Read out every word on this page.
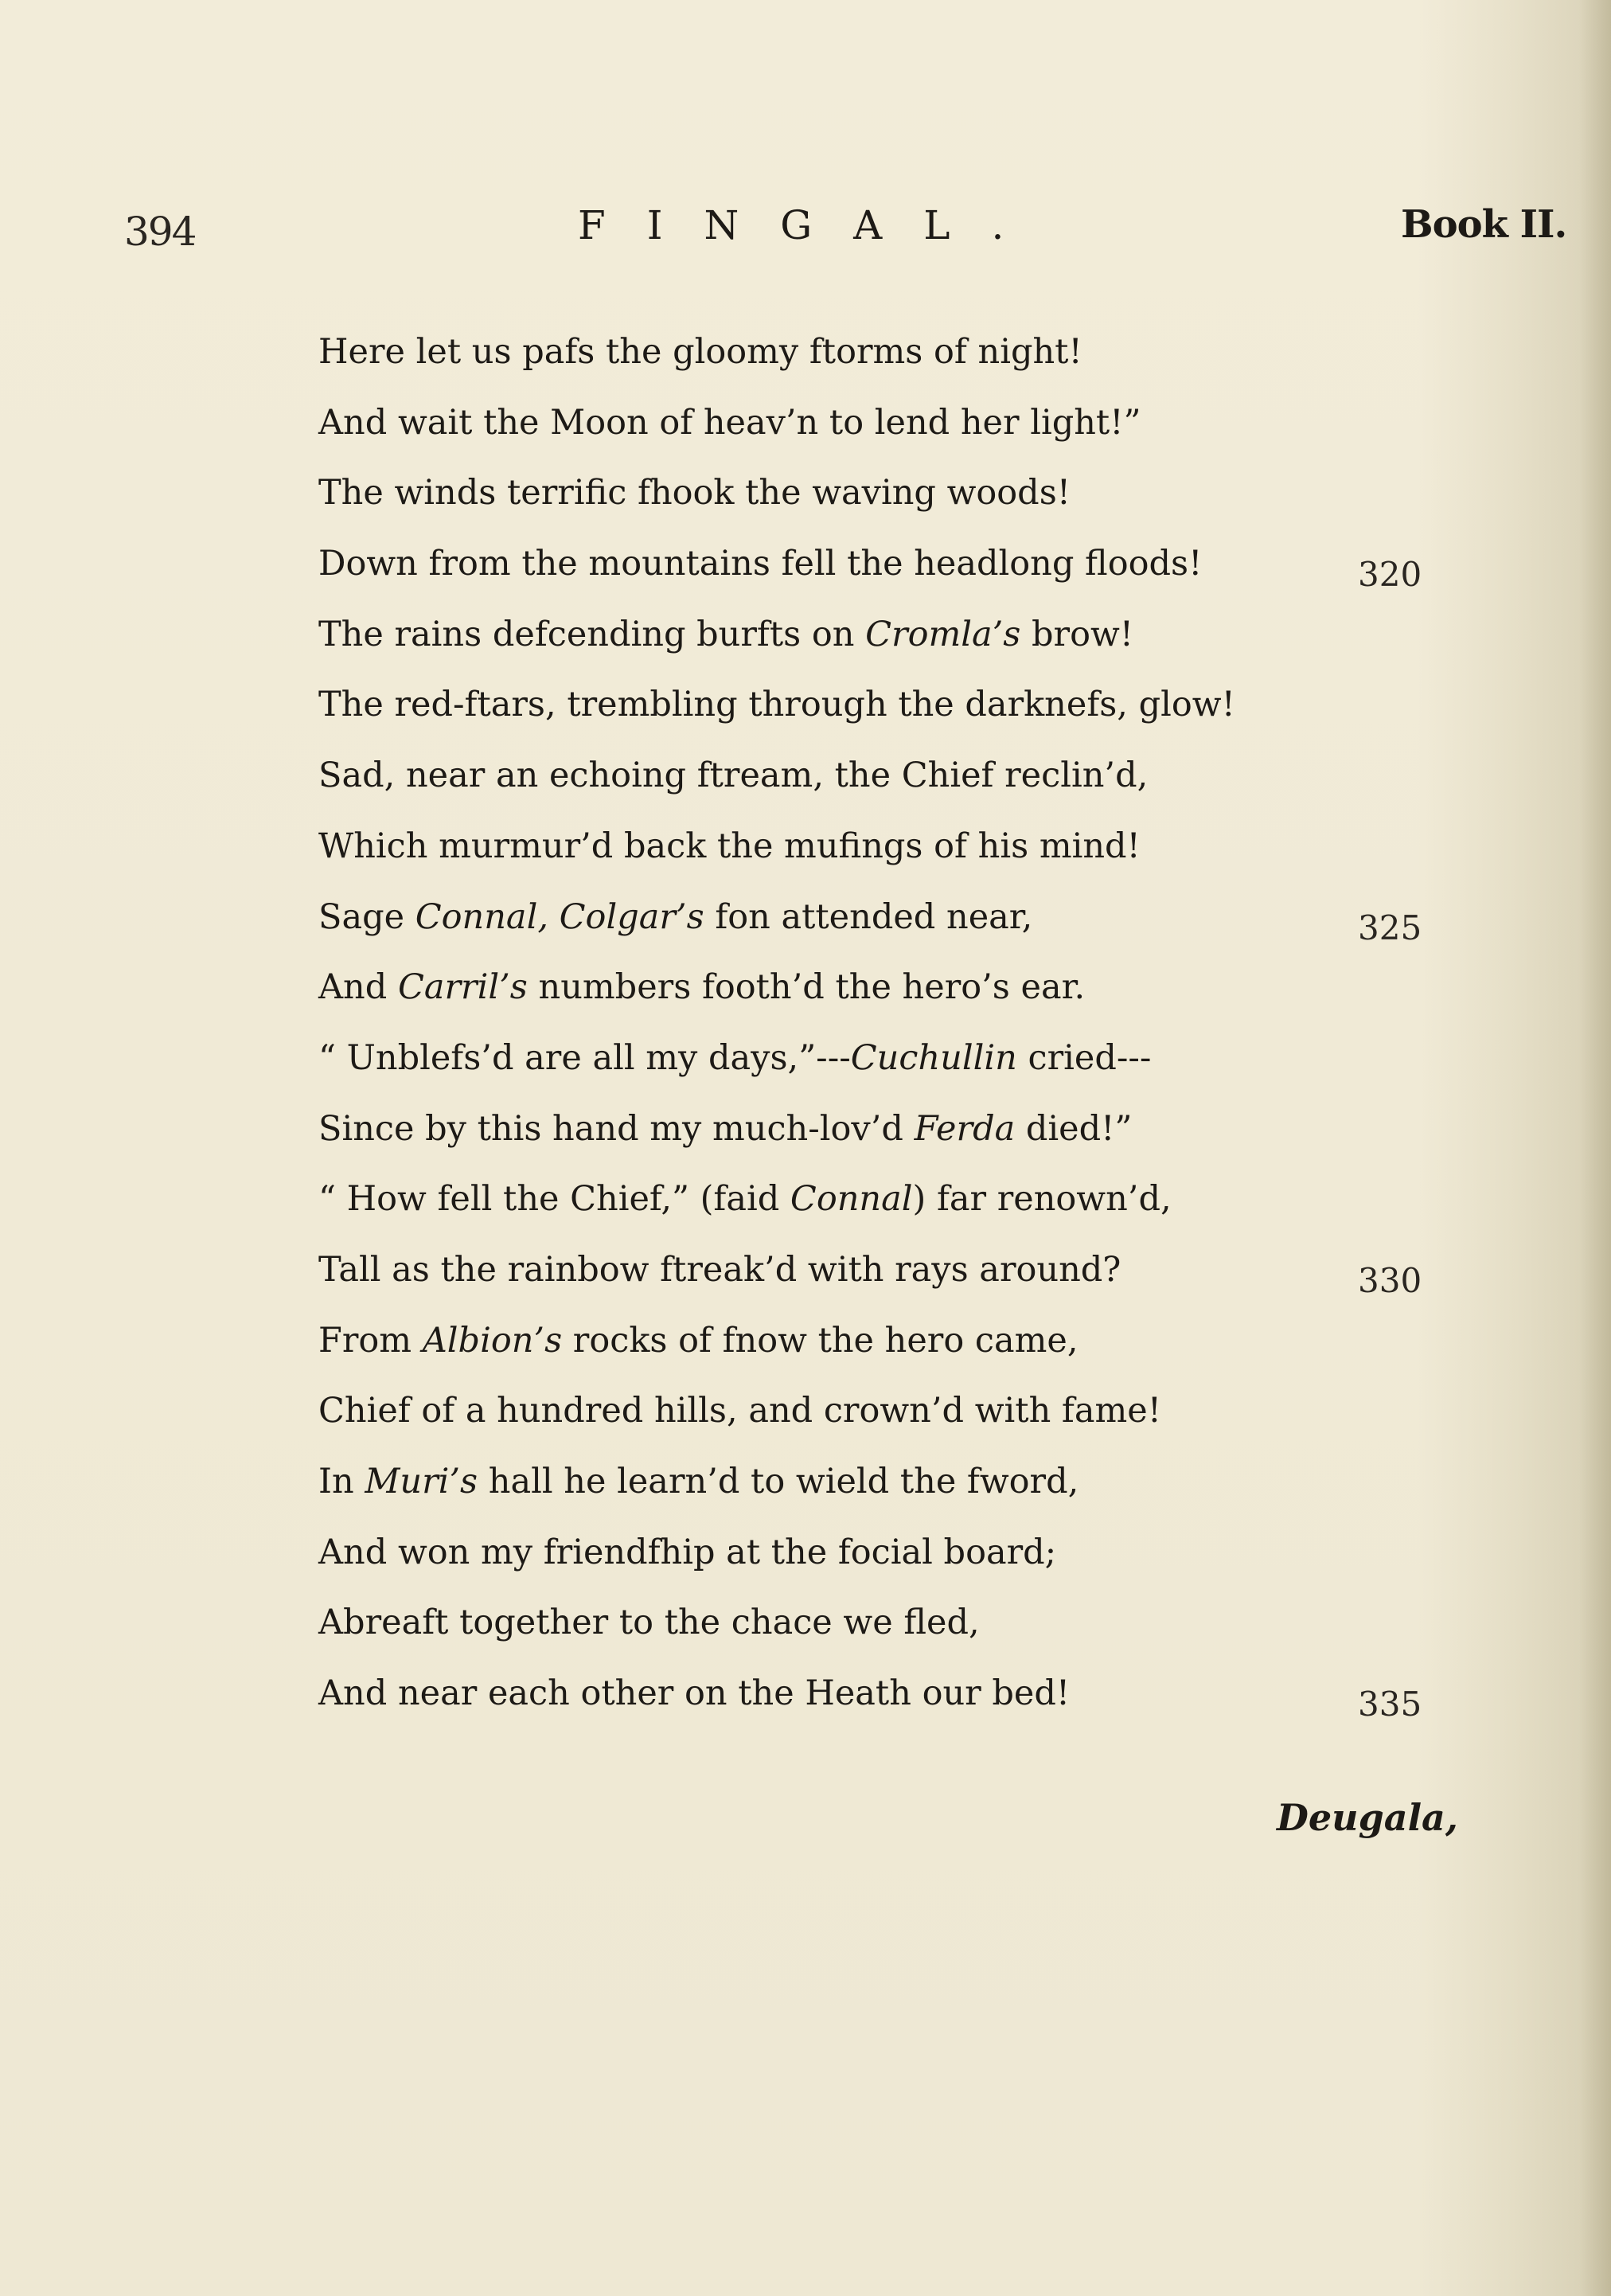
394	FINGAL.	Book II.
Here let us pafs the gloomy ftorms of night!
And wait the Moon of heav’n to lend her light!”
The winds terrific fhook the waving woods!
Down from the mountains fell the headlong floods!	320
The rains defcending burfts on Cromla’s brow!
The red-ftars, trembling through the darknefs, glow!
Sad, near an echoing ftream, the Chief reclin’d,
Which murmur’d back the mufings of his mind!
Sage Connal, Colgar’s fon attended near,	325
And Carril’s numbers footh’d the hero’s ear.
“ Unblefs’d are all my days,”---Cuchullin cried---
Since by this hand my much-lov’d Ferda died!”
“ How fell the Chief,” (faid Connal) far renown’d,
Tall as the rainbow ftreak’d with rays around?	330
From Albion’s rocks of fnow the hero came,
Chief of a hundred hills, and crown’d with fame!
In Muri’s hall he learn’d to wield the fword,
And won my friendfhip at the focial board;
Abreaft together to the chace we fled,
And near each other on the Heath our bed!	335
Deugala,
